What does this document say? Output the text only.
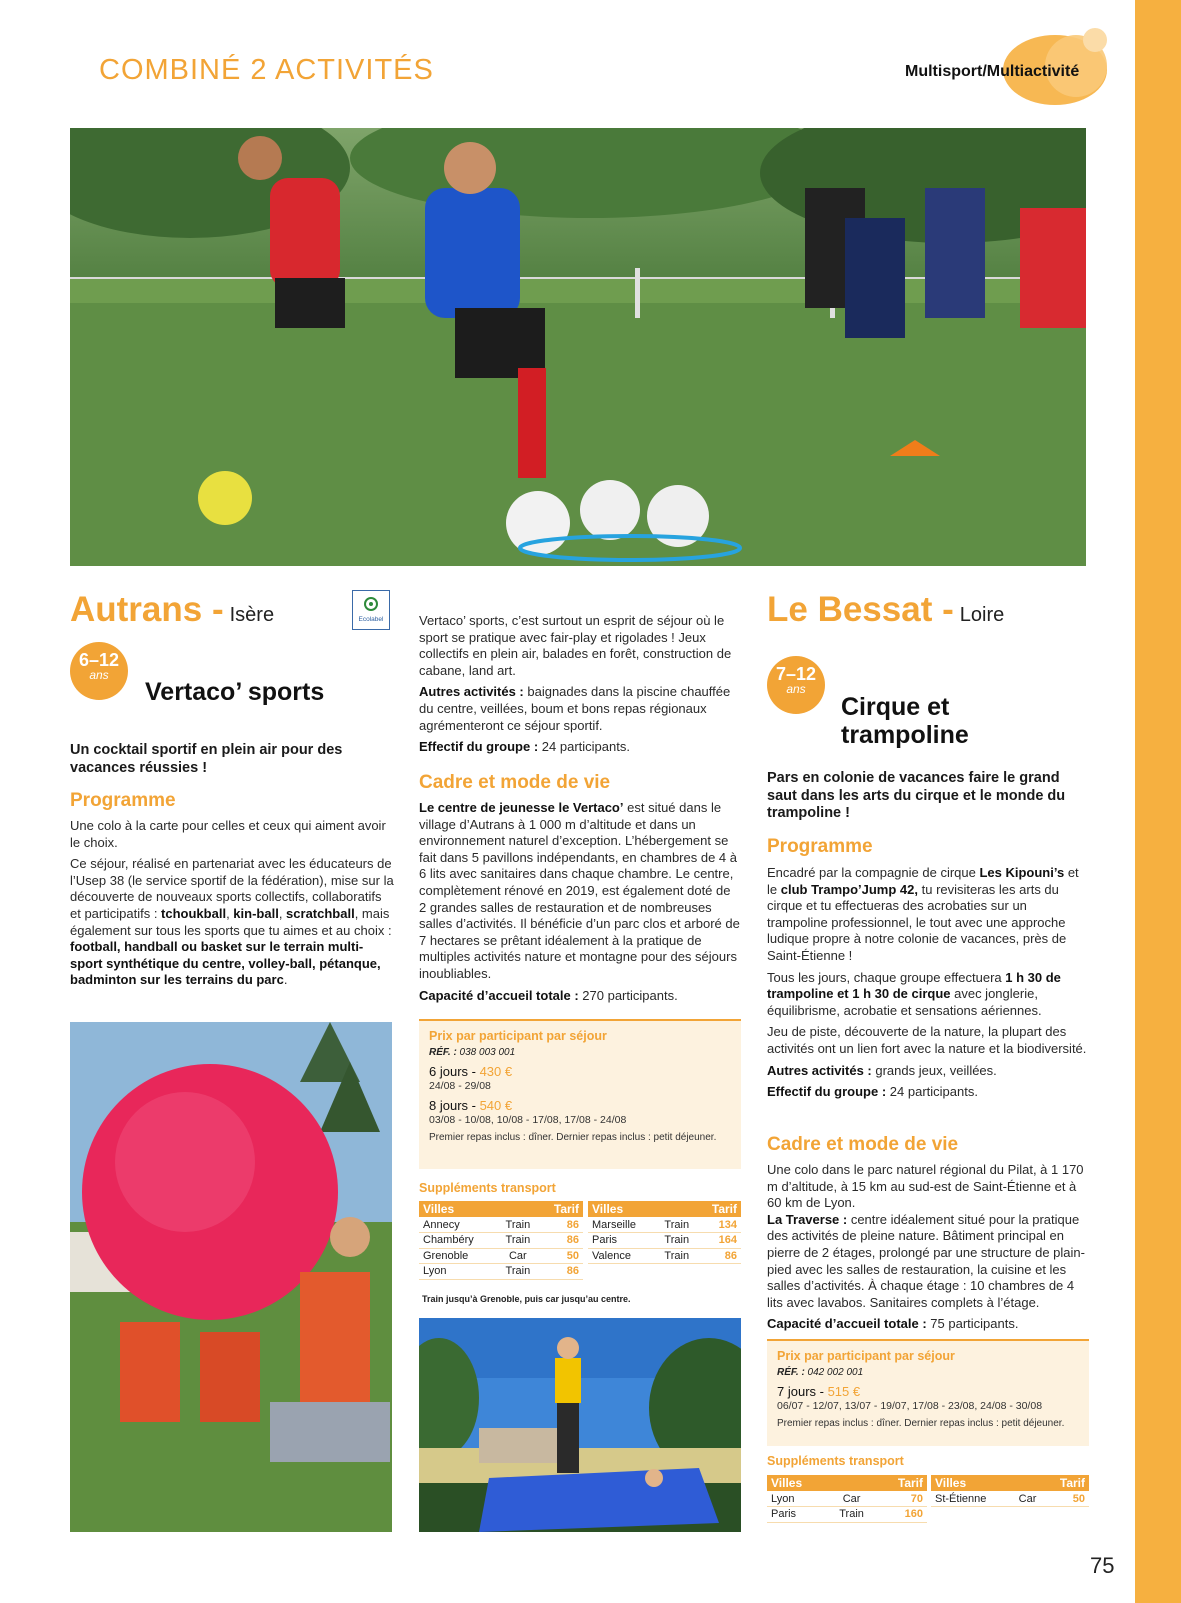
COMBINÉ 2 ACTIVITÉS	Multisport/Multiactivité
Autrans - Isère	Ecolabel
6–12
ans
Vertaco’ sports
Un cocktail sportif en plein air pour des vacances réussies !
Programme

Une colo à la carte pour celles et ceux qui aiment avoir le choix.

Ce séjour, réalisé en partenariat avec les éducateurs de l’Usep 38 (le service sportif de la fédération), mise sur la découverte de nouveaux sports collectifs, collaboratifs et participatifs : tchoukball, kin-ball, scratchball, mais également sur tous les sports que tu aimes et au choix : football, handball ou basket sur le terrain multi-sport synthétique du centre, volley-ball, pétanque, badminton sur les terrains du parc.

Vertaco’ sports, c’est surtout un esprit de séjour où le sport se pratique avec fair-play et rigolades ! Jeux collectifs en plein air, balades en forêt, construction de cabane, land art.

Autres activités : baignades dans la piscine chauffée du centre, veillées, boum et bons repas régionaux agrémenteront ce séjour sportif.

Effectif du groupe : 24 participants.

Cadre et mode de vie

Le centre de jeunesse le Vertaco’ est situé dans le village d’Autrans à 1 000 m d’altitude et dans un environnement naturel d’exception. L’hébergement se fait dans 5 pavillons indépendants, en chambres de 4 à 6 lits avec sanitaires dans chaque chambre. Le centre, complètement rénové en 2019, est également doté de 2 grandes salles de restauration et de nombreuses salles d’activités. Il bénéficie d’un parc clos et arboré de 7 hectares se prêtant idéalement à la pratique de multiples activités nature et montagne pour des séjours inoubliables.

Capacité d’accueil totale : 270 participants.

Prix par participant par séjour
RÉF. : 038 003 001
6 jours - 430 €
24/08 - 29/08
8 jours - 540 €
03/08 - 10/08, 10/08 - 17/08, 17/08 - 24/08
Premier repas inclus : dîner. Dernier repas inclus : petit déjeuner.
Suppléments transport
Villes		Tarif
Annecy	Train	86
Chambéry	Train	86
Grenoble	Car	50
Lyon	Train	86
Villes		Tarif
Marseille	Train	134
Paris	Train	164
Valence	Train	86
Train jusqu’à Grenoble, puis car jusqu’au centre.
Le Bessat - Loire
7–12
ans
Cirque et
trampoline
Pars en colonie de vacances faire le grand saut dans les arts du cirque et le monde du trampoline !
Programme

Encadré par la compagnie de cirque Les Kipouni’s et le club Trampo’Jump 42, tu revisiteras les arts du cirque et tu effectueras des acrobaties sur un trampoline professionnel, le tout avec une approche ludique propre à notre colonie de vacances, près de Saint-Étienne !

Tous les jours, chaque groupe effectuera 1 h 30 de trampoline et 1 h 30 de cirque avec jonglerie, équilibrisme, acrobatie et sensations aériennes.

Jeu de piste, découverte de la nature, la plupart des activités ont un lien fort avec la nature et la biodiversité.

Autres activités : grands jeux, veillées.

Effectif du groupe : 24 participants.

Cadre et mode de vie

Une colo dans le parc naturel régional du Pilat, à 1 170 m d’altitude, à 15 km au sud-est de Saint-Étienne et à 60 km de Lyon.

La Traverse : centre idéalement situé pour la pratique des activités de pleine nature. Bâtiment principal en pierre de 2 étages, prolongé par une structure de plain-pied avec les salles de restauration, la cuisine et les salles d’activités. À chaque étage : 10 chambres de 4 lits avec lavabos. Sanitaires complets à l’étage.

Capacité d’accueil totale : 75 participants.

Prix par participant par séjour
RÉF. : 042 002 001
7 jours - 515 €
06/07 - 12/07, 13/07 - 19/07, 17/08 - 23/08, 24/08 - 30/08
Premier repas inclus : dîner. Dernier repas inclus : petit déjeuner.
Suppléments transport
Villes		Tarif
Lyon	Car	70
Paris	Train	160
Villes		Tarif
St-Étienne	Car	50
75
